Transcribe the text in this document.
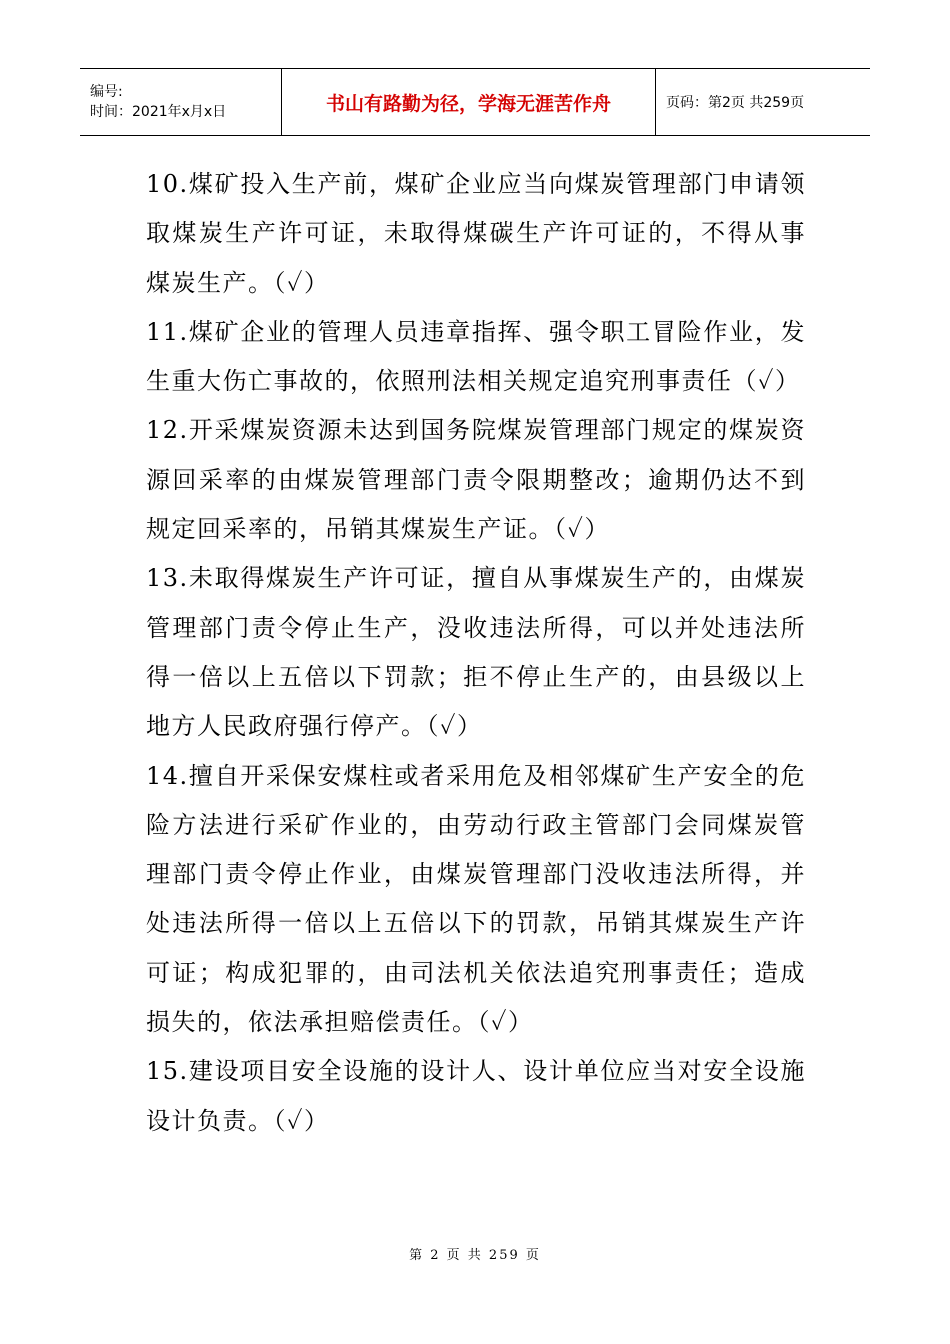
编号:
时间：2021年x月x日	书山有路勤为径，学海无涯苦作舟	页码：第2页 共259页

10.煤矿投入生产前，煤矿企业应当向煤炭管理部门申请领取煤炭生产许可证，未取得煤碳生产许可证的，不得从事煤炭生产。（✓）

11.煤矿企业的管理人员违章指挥、强令职工冒险作业，发生重大伤亡事故的，依照刑法相关规定追究刑事责任（✓）

12.开采煤炭资源未达到国务院煤炭管理部门规定的煤炭资源回采率的由煤炭管理部门责令限期整改；逾期仍达不到规定回采率的，吊销其煤炭生产证。（✓）

13.未取得煤炭生产许可证，擅自从事煤炭生产的，由煤炭管理部门责令停止生产，没收违法所得，可以并处违法所得一倍以上五倍以下罚款；拒不停止生产的，由县级以上地方人民政府强行停产。（✓）

14.擅自开采保安煤柱或者采用危及相邻煤矿生产安全的危险方法进行采矿作业的，由劳动行政主管部门会同煤炭管理部门责令停止作业，由煤炭管理部门没收违法所得，并处违法所得一倍以上五倍以下的罚款，吊销其煤炭生产许可证；构成犯罪的，由司法机关依法追究刑事责任；造成损失的，依法承担赔偿责任。（✓）

15.建设项目安全设施的设计人、设计单位应当对安全设施设计负责。（✓）

第 2 页 共 259 页
